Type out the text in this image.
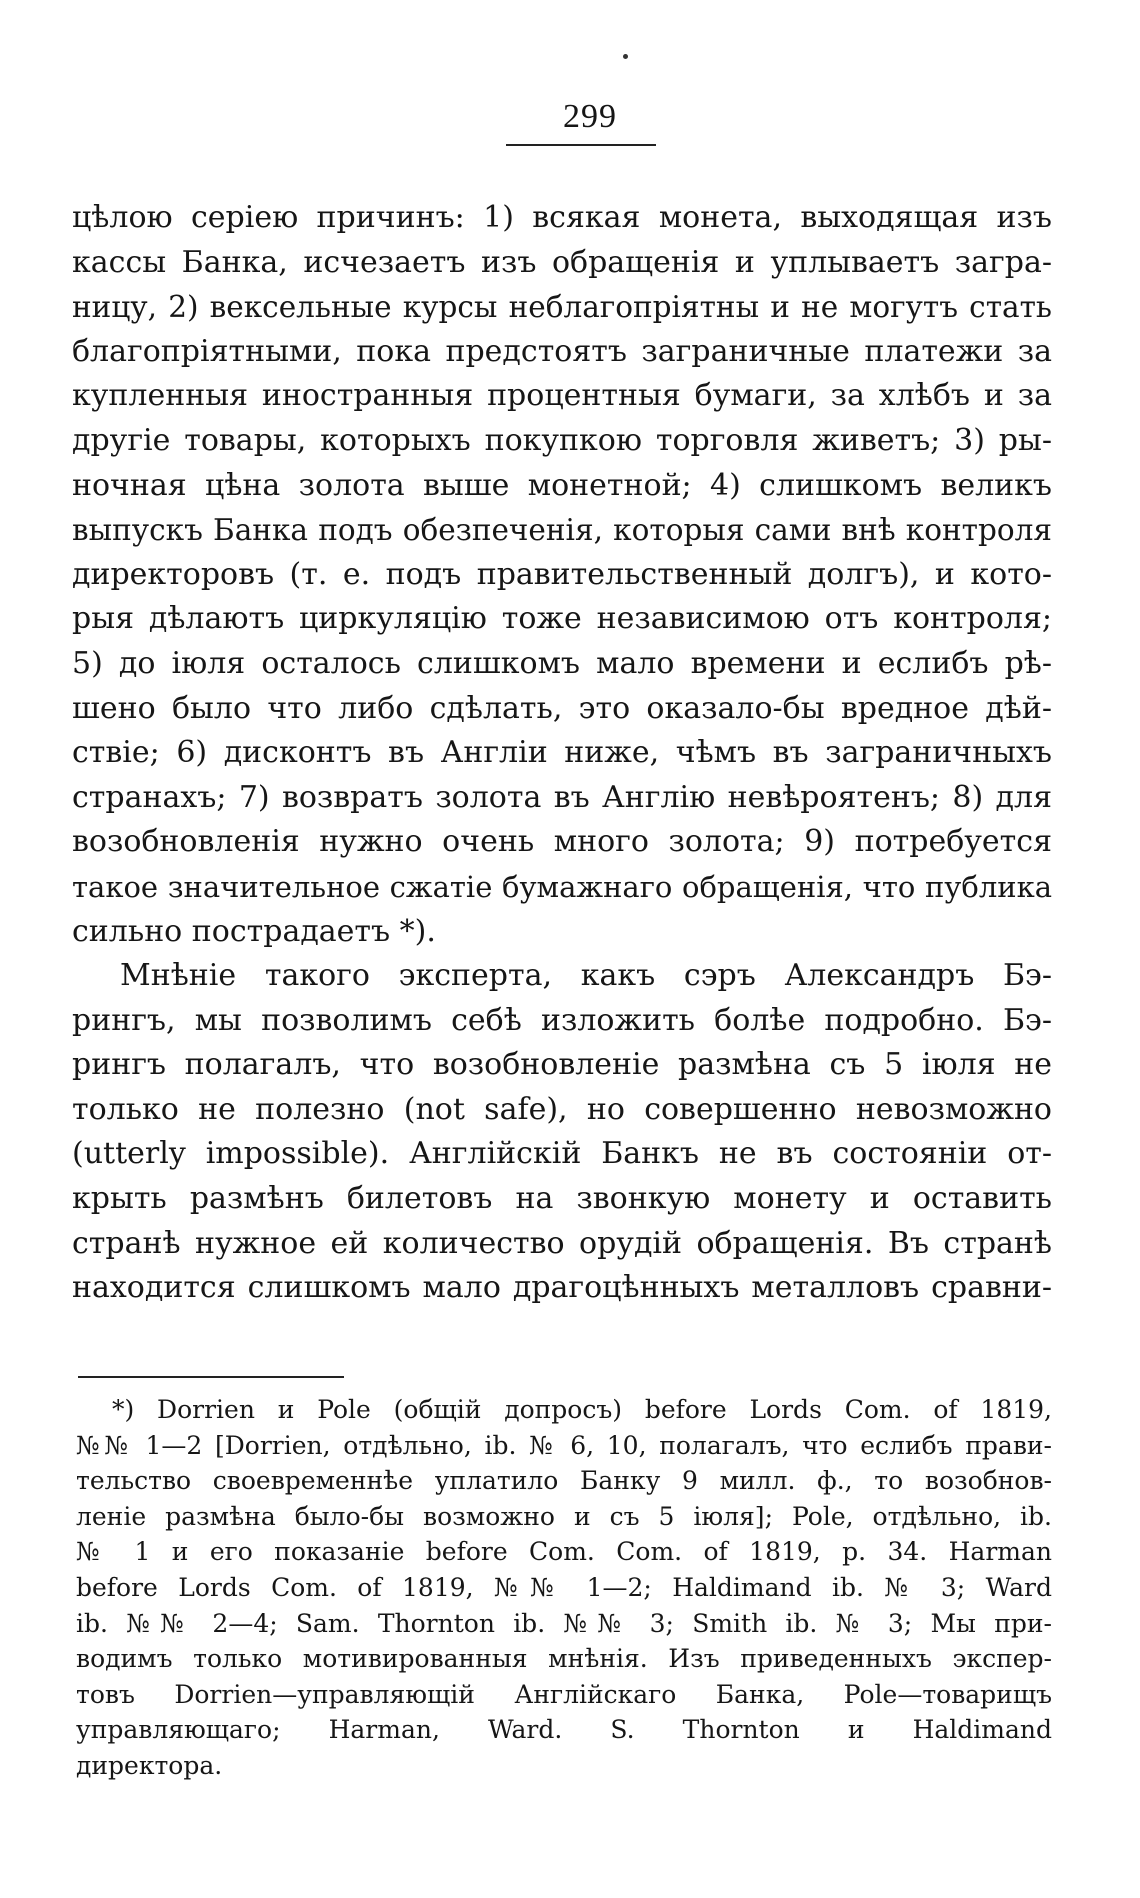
299
цѣлою серіею причинъ: 1) всякая монета, выходящая изъ
кассы Банка, исчезаетъ изъ обращенія и уплываетъ загра-
ницу, 2) вексельные курсы неблагопріятны и не могутъ стать
благопріятными, пока предстоятъ заграничные платежи за
купленныя иностранныя процентныя бумаги, за хлѣбъ и за
другіе товары, которыхъ покупкою торговля живетъ; 3) ры-
ночная цѣна золота выше монетной; 4) слишкомъ великъ
выпускъ Банка подъ обезпеченія, которыя сами внѣ контроля
директоровъ (т. е. подъ правительственный долгъ), и кото-
рыя дѣлаютъ циркуляцію тоже независимою отъ контроля;
5) до іюля осталось слишкомъ мало времени и еслибъ рѣ-
шено было что либо сдѣлать, это оказало-бы вредное дѣй-
ствіе; 6) дисконтъ въ Англіи ниже, чѣмъ въ заграничныхъ
странахъ; 7) возвратъ золота въ Англію невѣроятенъ; 8) для
возобновленія нужно очень много золота; 9) потребуется
такое значительное сжатіе бумажнаго обращенія, что публика
сильно пострадаетъ *).
Мнѣніе такого эксперта, какъ сэръ Александръ Бэ-
рингъ, мы позволимъ себѣ изложить болѣе подробно. Бэ-
рингъ полагалъ, что возобновленіе размѣна съ 5 іюля не
только не полезно (not safe), но совершенно невозможно
(utterly impossible). Англійскій Банкъ не въ состояніи от-
крыть размѣнъ билетовъ на звонкую монету и оставить
странѣ нужное ей количество орудій обращенія. Въ странѣ
находится слишкомъ мало драгоцѣнныхъ металловъ сравни-
*) Dorrien и Pole (общій допросъ) before Lords Com. of 1819,
№№ 1—2 [Dorrien, отдѣльно, ib. № 6, 10, полагалъ, что еслибъ прави-
тельство своевременнѣе уплатило Банку 9 милл. ф., то возобнов-
леніе размѣна было-бы возможно и съ 5 іюля]; Pole, отдѣльно, ib.
№ 1 и его показаніе before Com. Com. of 1819, p. 34. Harman
before Lords Com. of 1819, №№ 1—2; Haldimand ib. № 3; Ward
ib. №№ 2—4; Sam. Thornton ib. №№ 3; Smith ib. № 3; Мы при-
водимъ только мотивированныя мнѣнія. Изъ приведенныхъ экспер-
товъ Dorrien—управляющій Англійскаго Банка, Pole—товарищъ
управляющаго; Harman, Ward. S. Thornton и Haldimand
директора.
